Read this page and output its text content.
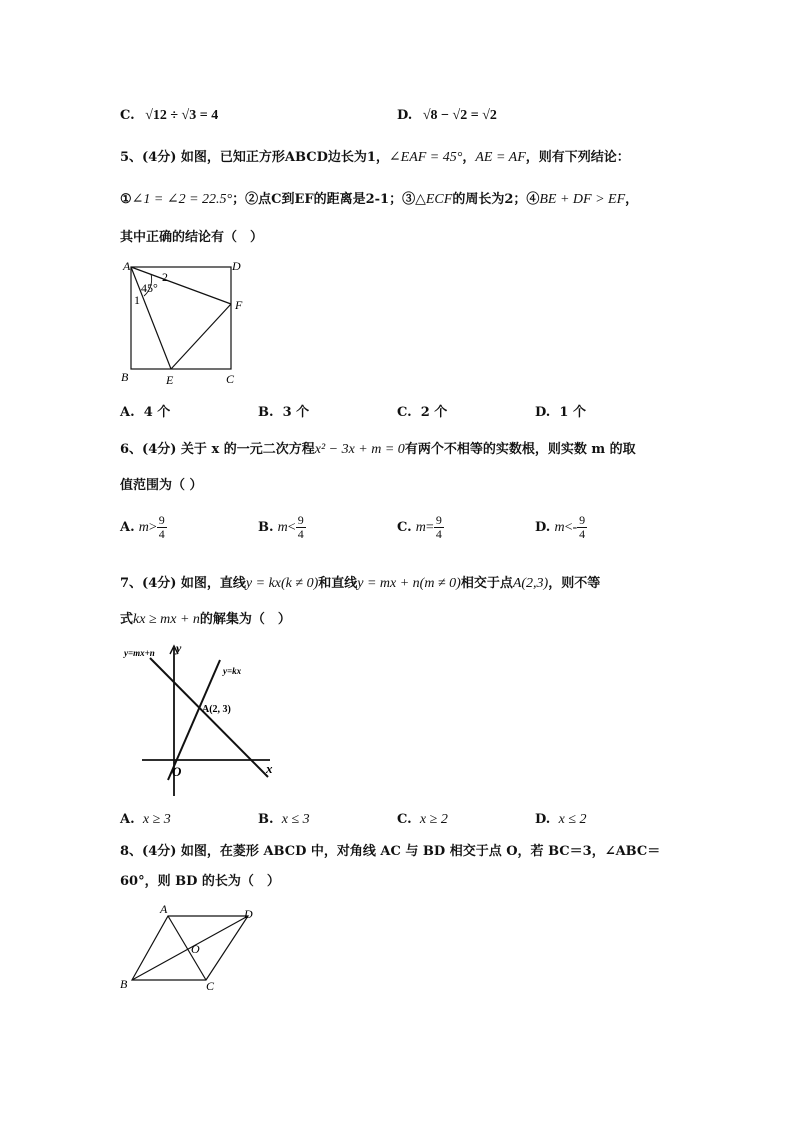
C. √12 ÷ √3 = 4	D. √8 − √2 = √2
5、(4分) 如图，已知正方形ABCD边长为1，∠EAF = 45°，AE = AF，则有下列结论：
①∠1 = ∠2 = 22.5°；②点C到EF的距离是2-1；③△ECF的周长为2；④BE + DF > EF，
其中正确的结论有（　）
A	D
B	C
E
F
2
45°
1
A. 4 个	B. 3 个	C. 2 个	D. 1 个
6、(4分) 关于 x 的一元二次方程x² − 3x + m = 0有两个不相等的实数根，则实数 m 的取
值范围为（ ）
A. $m> \frac{9}{4}$	B. $m< \frac{9}{4}$	C. $m= \frac{9}{4}$	D. $m<- \frac{9}{4}$
7、(4分) 如图，直线y = kx(k ≠ 0)和直线y = mx + n(m ≠ 0)相交于点A(2,3)，则不等
式kx ≥ mx + n的解集为（　）
y=mx+n
y=kx
A(2, 3)
O	x
y
A. x ≥ 3	B. x ≤ 3	C. x ≥ 2	D. x ≤ 2
8、(4分) 如图，在菱形 ABCD 中，对角线 AC 与 BD 相交于点 O，若 BC＝3，∠ABC＝
60°，则 BD 的长为（　）
A	D
B	C
O
